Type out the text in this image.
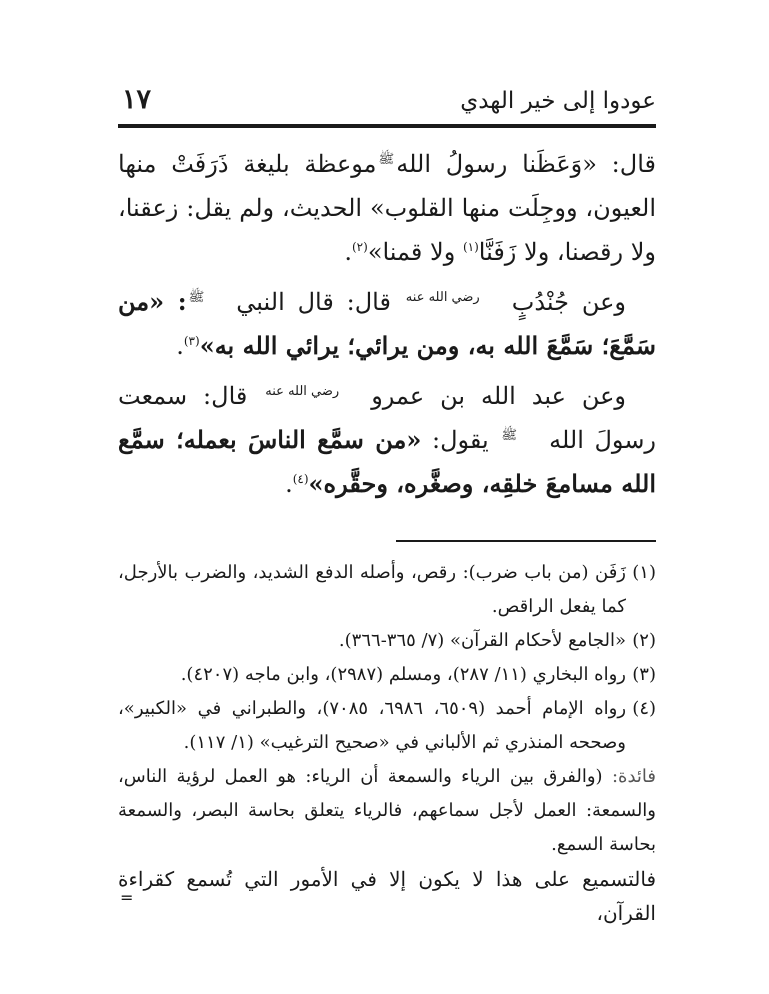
عودوا إلى خير الهدي
١٧

قال: «وَعَظَنا رسولُ اللهﷺموعظة بليغة ذَرَفَتْ منها العيون، ووجِلَت منها القلوب» الحديث، ولم يقل: زعقنا، ولا رقصنا، ولا زَفَنَّا$^{(١)}$ ولا قمنا»$^{(٢)}$.

وعن جُنْدُبٍرضي الله عنه قال: قال النبيﷺ: «من سَمَّعَ؛ سَمَّعَ الله به، ومن يرائي؛ يرائي الله به»$^{(٣)}$.

وعن عبد الله بن عمرورضي الله عنه قال: سمعت رسولَ اللهﷺ يقول: «من سمَّع الناسَ بعمله؛ سمَّع الله مسامعَ خلقِه، وصغَّره، وحقَّره»$^{(٤)}$.

(١)زَفَن (من باب ضرب): رقص، وأصله الدفع الشديد، والضرب بالأرجل، كما يفعل الراقص.

(٢)«الجامع لأحكام القرآن» (٧/ ٣٦٥-٣٦٦).

(٣)رواه البخاري (١١/ ٢٨٧)، ومسلم (٢٩٨٧)، وابن ماجه (٤٢٠٧).

(٤)رواه الإمام أحمد (٦٥٠٩، ٦٩٨٦، ٧٠٨٥)، والطبراني في «الكبير»، وصححه المنذري ثم الألباني في «صحيح الترغيب» (١/ ١١٧).

فائدة: (والفرق بين الرياء والسمعة أن الرياء: هو العمل لرؤية الناس، والسمعة: العمل لأجل سماعهم، فالرياء يتعلق بحاسة البصر، والسمعة بحاسة السمع.

فالتسميع على هذا لا يكون إلا في الأمور التي تُسمع كقراءة القرآن،

=
